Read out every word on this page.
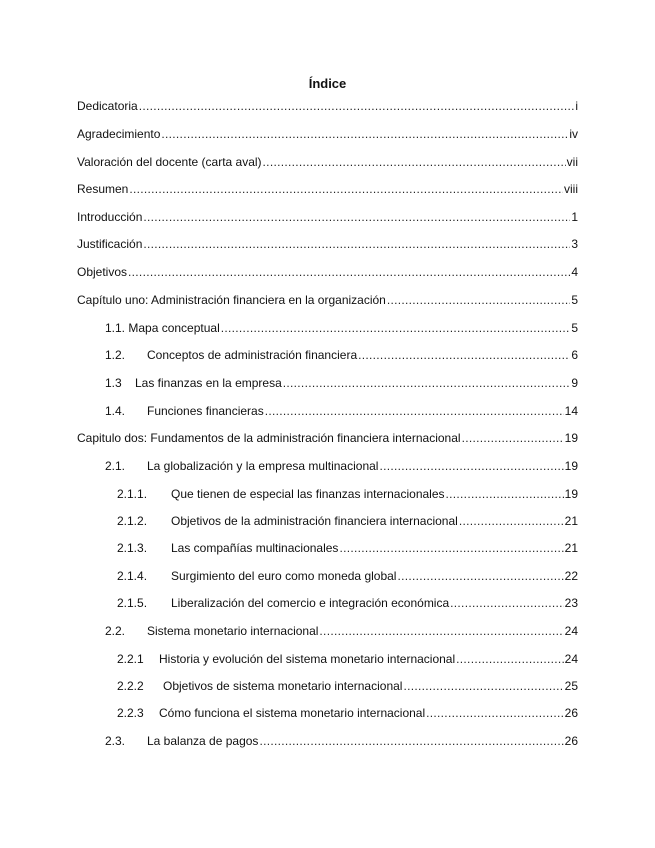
Índice
Dedicatoria .....	i
Agradecimiento .....	iv
Valoración del docente (carta aval) .....	vii
Resumen .....	viii
Introducción .....	1
Justificación .....	3
Objetivos .....	4
Capítulo uno: Administración financiera en la organización .....	5
1.1. Mapa conceptual .....	5
1.2.	Conceptos de administración financiera .....	6
1.3	Las finanzas en la empresa .....	9
1.4.	Funciones financieras .....	14
Capitulo dos: Fundamentos de la administración financiera internacional .....	19
2.1.	La globalización y la empresa multinacional .....	19
2.1.1.	Que tienen de especial las finanzas internacionales .....	19
2.1.2.	Objetivos de la administración financiera internacional .....	21
2.1.3.	Las compañías multinacionales .....	21
2.1.4.	Surgimiento del euro como moneda global .....	22
2.1.5.	Liberalización del comercio e integración económica .....	23
2.2.	Sistema monetario internacional .....	24
2.2.1	Historia y evolución del sistema monetario internacional .....	24
2.2.2	Objetivos de sistema monetario internacional .....	25
2.2.3	Cómo funciona el sistema monetario internacional .....	26
2.3.	La balanza de pagos .....	26
